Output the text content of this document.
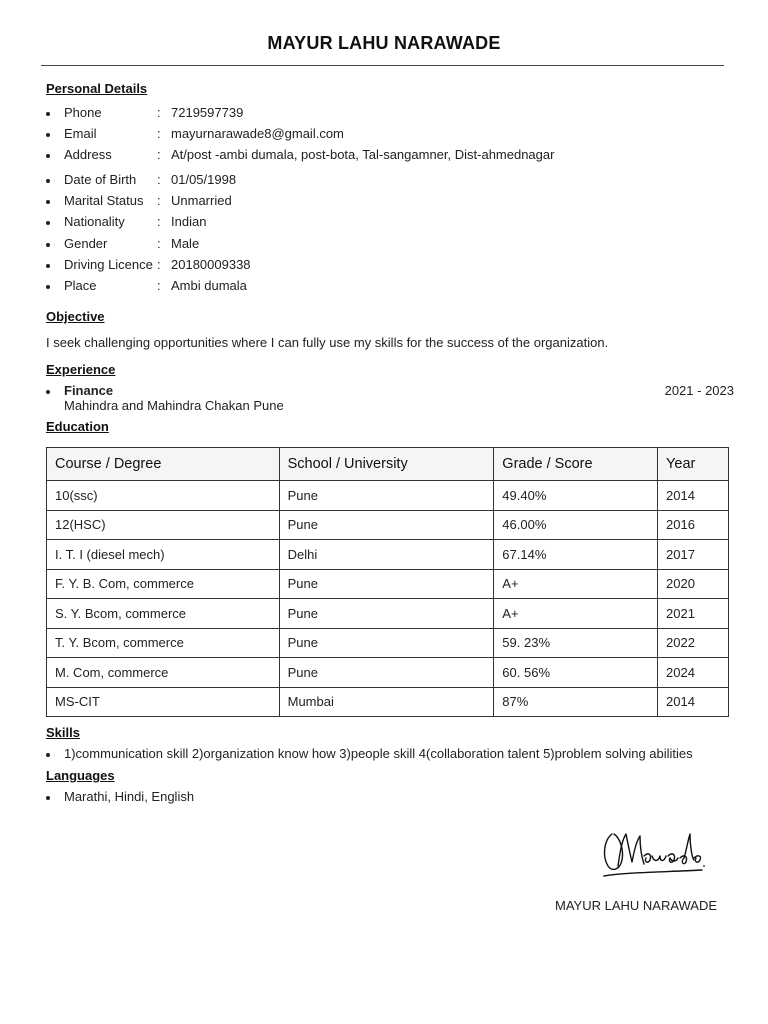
MAYUR LAHU NARAWADE
Personal Details
Phone	: 7219597739
Email	: mayurnarawade8@gmail.com
Address	: At/post -ambi dumala, post-bota, Tal-sangamner, Dist-ahmednagar
Date of Birth : 01/05/1998
Marital Status : Unmarried
Nationality : Indian
Gender	: Male
Driving Licence : 20180009338
Place	: Ambi dumala
Objective
I seek challenging opportunities where I can fully use my skills for the success of the organization.
Experience
Finance
Mahindra and Mahindra Chakan Pune
2021 - 2023
Education
Course / Degree	School / University	Grade / Score	Year
10(ssc)	Pune	49.40%	2014
12(HSC)	Pune	46.00%	2016
I. T. I (diesel mech)	Delhi	67.14%	2017
F. Y. B. Com, commerce	Pune	A+	2020
S. Y. Bcom, commerce	Pune	A+	2021
T. Y. Bcom, commerce	Pune	59. 23%	2022
M. Com, commerce	Pune	60. 56%	2024
MS-CIT	Mumbai	87%	2014
Skills
1)communication skill 2)organization know how 3)people skill 4(collaboration talent 5)problem solving abilities
Languages
Marathi, Hindi, English
MAYUR LAHU NARAWADE
